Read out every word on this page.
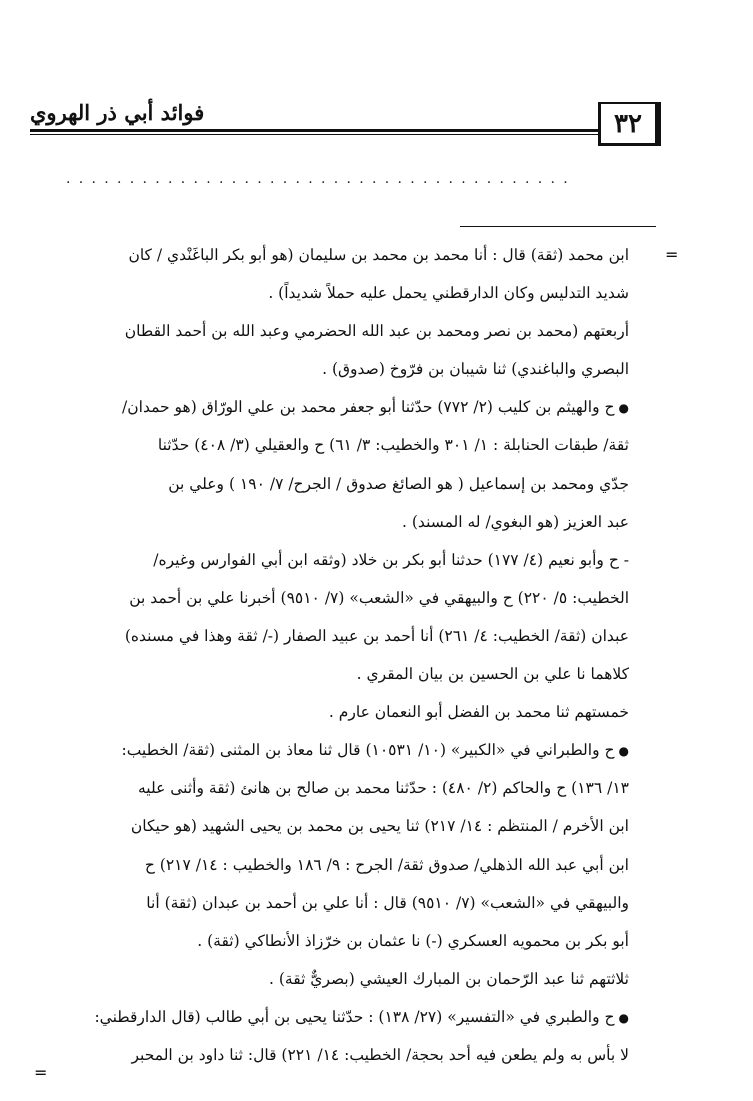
٣٢
فوائد أبي ذر الهروي
........................................
=
=
ابن محمد (ثقة) قال : أنا محمد بن محمد بن سليمان (هو أبو بكر الباغَنْدي / كان
شديد التدليس وكان الدارقطني يحمل عليه حملاً شديداً) .
أربعتهم (محمد بن نصر ومحمد بن عبد الله الحضرمي وعبد الله بن أحمد القطان
البصري والباغندي) ثنا شيبان بن فرّوخ (صدوق) .
● ح والهيثم بن كليب (٢/ ٧٧٢) حدّثنا أبو جعفر محمد بن علي الورّاق (هو حمدان/
ثقة/ طبقات الحنابلة : ١/ ٣٠١ والخطيب: ٣/ ٦١) ح والعقيلي (٣/ ٤٠٨) حدّثنا
جدّي ومحمد بن إسماعيل ( هو الصائغ صدوق / الجرح/ ٧/ ١٩٠ ) وعلي بن
عبد العزيز (هو البغوي/ له المسند) .
- ح وأبو نعيم (٤/ ١٧٧) حدثنا أبو بكر بن خلاد (وثقه ابن أبي الفوارس وغيره/
الخطيب: ٥/ ٢٢٠) ح والبيهقي في «الشعب» (٧/ ٩٥١٠) أخبرنا علي بن أحمد بن
عبدان (ثقة/ الخطيب: ٤/ ٢٦١) أنا أحمد بن عبيد الصفار (-/ ثقة وهذا في مسنده)
كلاهما نا علي بن الحسين بن بيان المقري .
خمستهم ثنا محمد بن الفضل أبو النعمان عارم .
● ح والطبراني في «الكبير» (١٠/ ١٠٥٣١) قال ثنا معاذ بن المثنى (ثقة/ الخطيب:
١٣/ ١٣٦) ح والحاكم (٢/ ٤٨٠) : حدّثنا محمد بن صالح بن هانئ (ثقة وأثنى عليه
ابن الأخرم / المنتظم : ١٤/ ٢١٧) ثنا يحيى بن محمد بن يحيى الشهيد (هو حيكان
ابن أبي عبد الله الذهلي/ صدوق ثقة/ الجرح : ٩/ ١٨٦ والخطيب : ١٤/ ٢١٧) ح
والبيهقي في «الشعب» (٧/ ٩٥١٠) قال : أنا علي بن أحمد بن عبدان (ثقة) أنا
أبو بكر بن محمويه العسكري (-) نا عثمان بن خرّزاذ الأنطاكي (ثقة) .
ثلاثتهم ثنا عبد الرّحمان بن المبارك العيشي (بصريٌّ ثقة) .
● ح والطبري في «التفسير» (٢٧/ ١٣٨) : حدّثنا يحيى بن أبي طالب (قال الدارقطني:
لا بأس به ولم يطعن فيه أحد بحجة/ الخطيب: ١٤/ ٢٢١) قال: ثنا داود بن المحبر
